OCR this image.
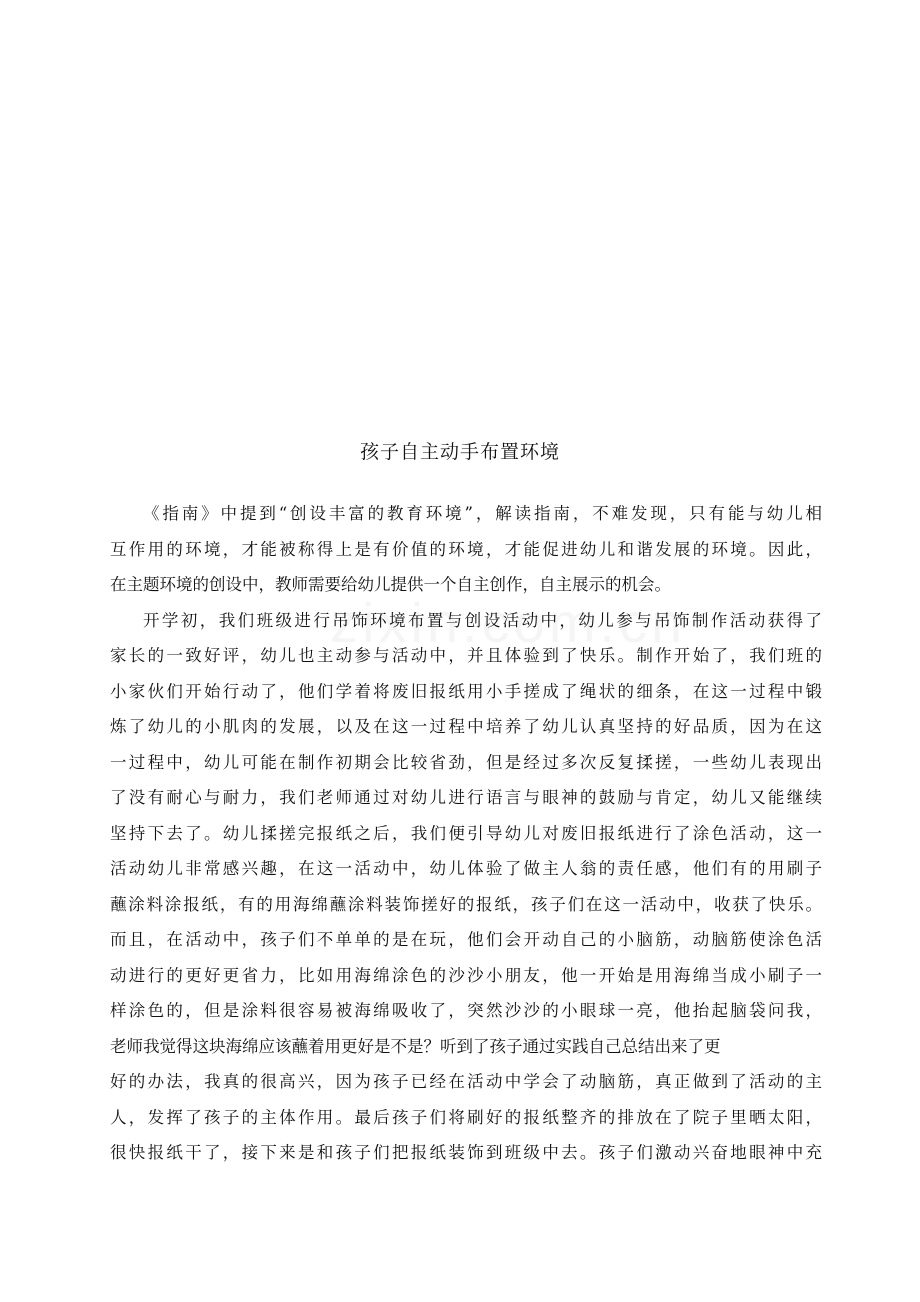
孩子自主动手布置环境
《指南》中提到“创设丰富的教育环境”，解读指南，不难发现，只有能与幼儿相
互作用的环境，才能被称得上是有价值的环境，才能促进幼儿和谐发展的环境。因此，
在主题环境的创设中，教师需要给幼儿提供一个自主创作，自主展示的机会。
开学初，我们班级进行吊饰环境布置与创设活动中，幼儿参与吊饰制作活动获得了
家长的一致好评，幼儿也主动参与活动中，并且体验到了快乐。制作开始了，我们班的
小家伙们开始行动了，他们学着将废旧报纸用小手搓成了绳状的细条，在这一过程中锻
炼了幼儿的小肌肉的发展，以及在这一过程中培养了幼儿认真坚持的好品质，因为在这
一过程中，幼儿可能在制作初期会比较省劲，但是经过多次反复揉搓，一些幼儿表现出
了没有耐心与耐力，我们老师通过对幼儿进行语言与眼神的鼓励与肯定，幼儿又能继续
坚持下去了。幼儿揉搓完报纸之后，我们便引导幼儿对废旧报纸进行了涂色活动，这一
活动幼儿非常感兴趣，在这一活动中，幼儿体验了做主人翁的责任感，他们有的用刷子
蘸涂料涂报纸，有的用海绵蘸涂料装饰搓好的报纸，孩子们在这一活动中，收获了快乐。
而且，在活动中，孩子们不单单的是在玩，他们会开动自己的小脑筋，动脑筋使涂色活
动进行的更好更省力，比如用海绵涂色的沙沙小朋友，他一开始是用海绵当成小刷子一
样涂色的，但是涂料很容易被海绵吸收了，突然沙沙的小眼球一亮，他抬起脑袋问我，
老师我觉得这块海绵应该蘸着用更好是不是？听到了孩子通过实践自己总结出来了更
好的办法，我真的很高兴，因为孩子已经在活动中学会了动脑筋，真正做到了活动的主
人，发挥了孩子的主体作用。最后孩子们将刷好的报纸整齐的排放在了院子里晒太阳，
很快报纸干了，接下来是和孩子们把报纸装饰到班级中去。孩子们激动兴奋地眼神中充
